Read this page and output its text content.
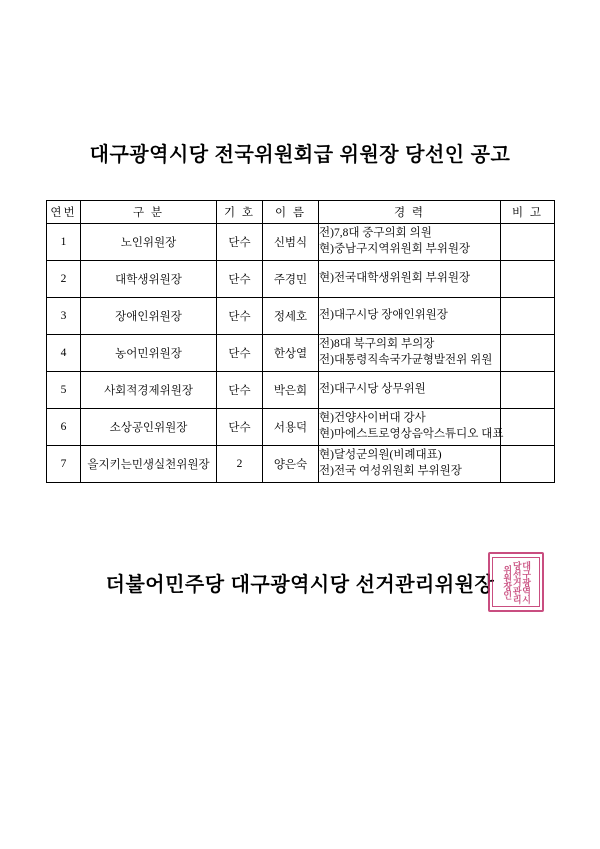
대구광역시당 전국위원회급 위원장 당선인 공고
연번	구 분	기 호	이 름	경 력	비 고
1	노인위원장	단수	신범식	전)7,8대 중구의회 의원
현)중남구지역위원회 부위원장	

2	대학생위원장	단수	주경민	현)전국대학생위원회 부위원장	

3	장애인위원장	단수	정세호	전)대구시당 장애인위원장	

4	농어민위원장	단수	한상열	전)8대 북구의회 부의장
전)대통령직속국가균형발전위 위원	

5	사회적경제위원장	단수	박은희	전)대구시당 상무위원	

6	소상공인위원장	단수	서용덕	현)건양사이버대 강사
현)마에스트로영상음악스튜디오 대표	

7	을지키는민생실천위원장	2	양은숙	현)달성군의원(비례대표)
전)전국 여성위원회 부위원장	

더불어민주당 대구광역시당 선거관리위원장	대구광역시당선거관리위원장인
